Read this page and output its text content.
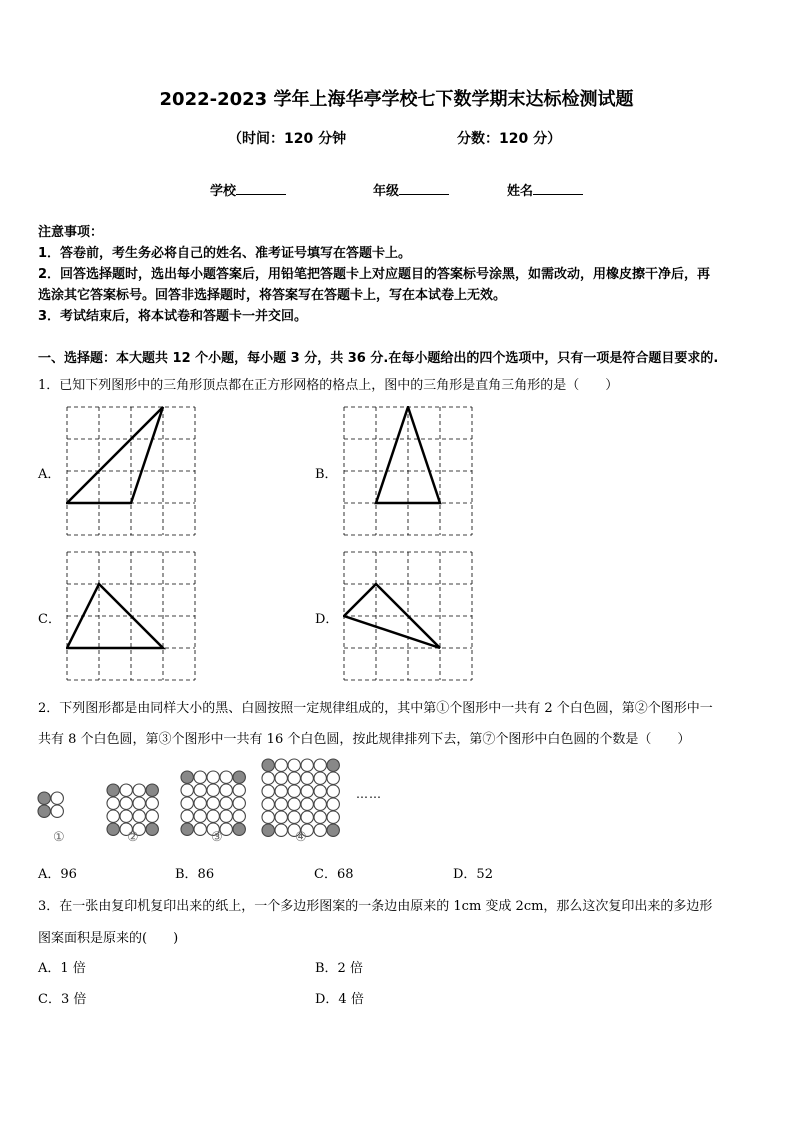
2022-2023 学年上海华亭学校七下数学期末达标检测试题
（时间：120 分钟	分数：120 分）
学校	年级	姓名
注意事项：
1．答卷前，考生务必将自己的姓名、准考证号填写在答题卡上。
2．回答选择题时，选出每小题答案后，用铅笔把答题卡上对应题目的答案标号涂黑，如需改动，用橡皮擦干净后，再
选涂其它答案标号。回答非选择题时，将答案写在答题卡上，写在本试卷上无效。
3．考试结束后，将本试卷和答题卡一并交回。
一、选择题：本大题共 12 个小题，每小题 3 分，共 36 分.在每小题给出的四个选项中，只有一项是符合题目要求的.
1．已知下列图形中的三角形顶点都在正方形网格的格点上，图中的三角形是直角三角形的是（　　）
A．	B．
C．	D．
2．下列图形都是由同样大小的黑、白圆按照一定规律组成的，其中第①个图形中一共有 2 个白色圆，第②个图形中一
共有 8 个白色圆，第③个图形中一共有 16 个白色圆，按此规律排列下去，第⑦个图形中白色圆的个数是（　　）
①	②	③	④
……
A．96	B．86	C．68	D．52
3．在一张由复印机复印出来的纸上，一个多边形图案的一条边由原来的 1cm 变成 2cm，那么这次复印出来的多边形
图案面积是原来的(　　)
A．1 倍	B．2 倍
C．3 倍	D．4 倍
